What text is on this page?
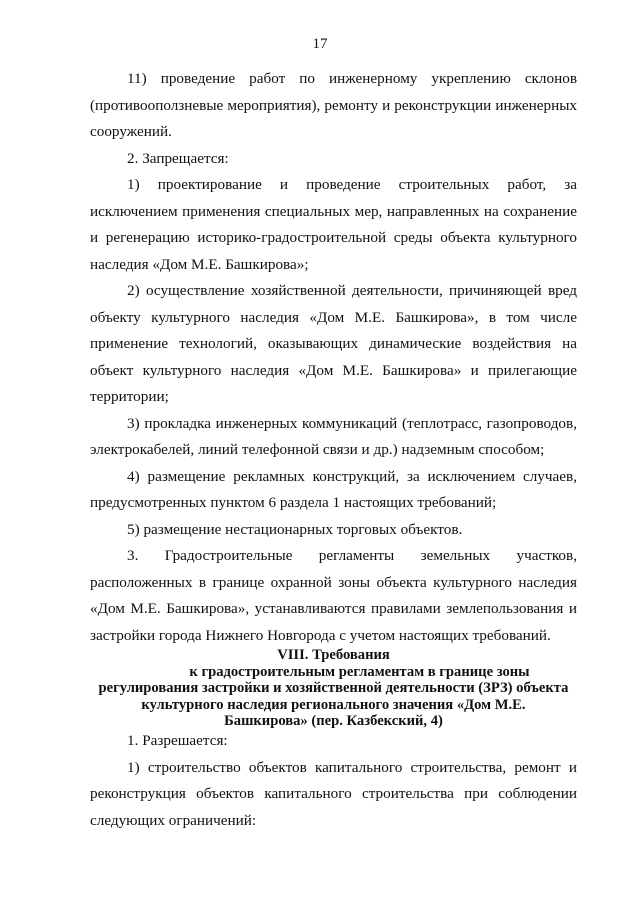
17

11) проведение работ по инженерному укреплению склонов (противооползневые мероприятия), ремонту и реконструкции инженерных сооружений.

2. Запрещается:

1) проектирование и проведение строительных работ, за исключением применения специальных мер, направленных на сохранение и регенерацию историко-градостроительной среды объекта культурного наследия «Дом М.Е. Башкирова»;

2) осуществление хозяйственной деятельности, причиняющей вред объекту культурного наследия «Дом М.Е. Башкирова», в том числе применение технологий, оказывающих динамические воздействия на объект культурного наследия «Дом М.Е. Башкирова» и прилегающие территории;

3) прокладка инженерных коммуникаций (теплотрасс, газопроводов, электрокабелей, линий телефонной связи и др.) надземным способом;

4) размещение рекламных конструкций, за исключением случаев, предусмотренных пунктом 6 раздела 1 настоящих требований;

5) размещение нестационарных торговых объектов.

3. Градостроительные регламенты земельных участков, расположенных в границе охранной зоны объекта культурного наследия «Дом М.Е. Башкирова», устанавливаются правилами землепользования и застройки города Нижнего Новгорода с учетом настоящих требований.

VIII. Требования
к градостроительным регламентам в границе зоны
регулирования застройки и хозяйственной деятельности (ЗРЗ) объекта
культурного наследия регионального значения «Дом М.Е.
Башкирова» (пер. Казбекский, 4)

1. Разрешается:

1) строительство объектов капитального строительства, ремонт и реконструкция объектов капитального строительства при соблюдении следующих ограничений:
